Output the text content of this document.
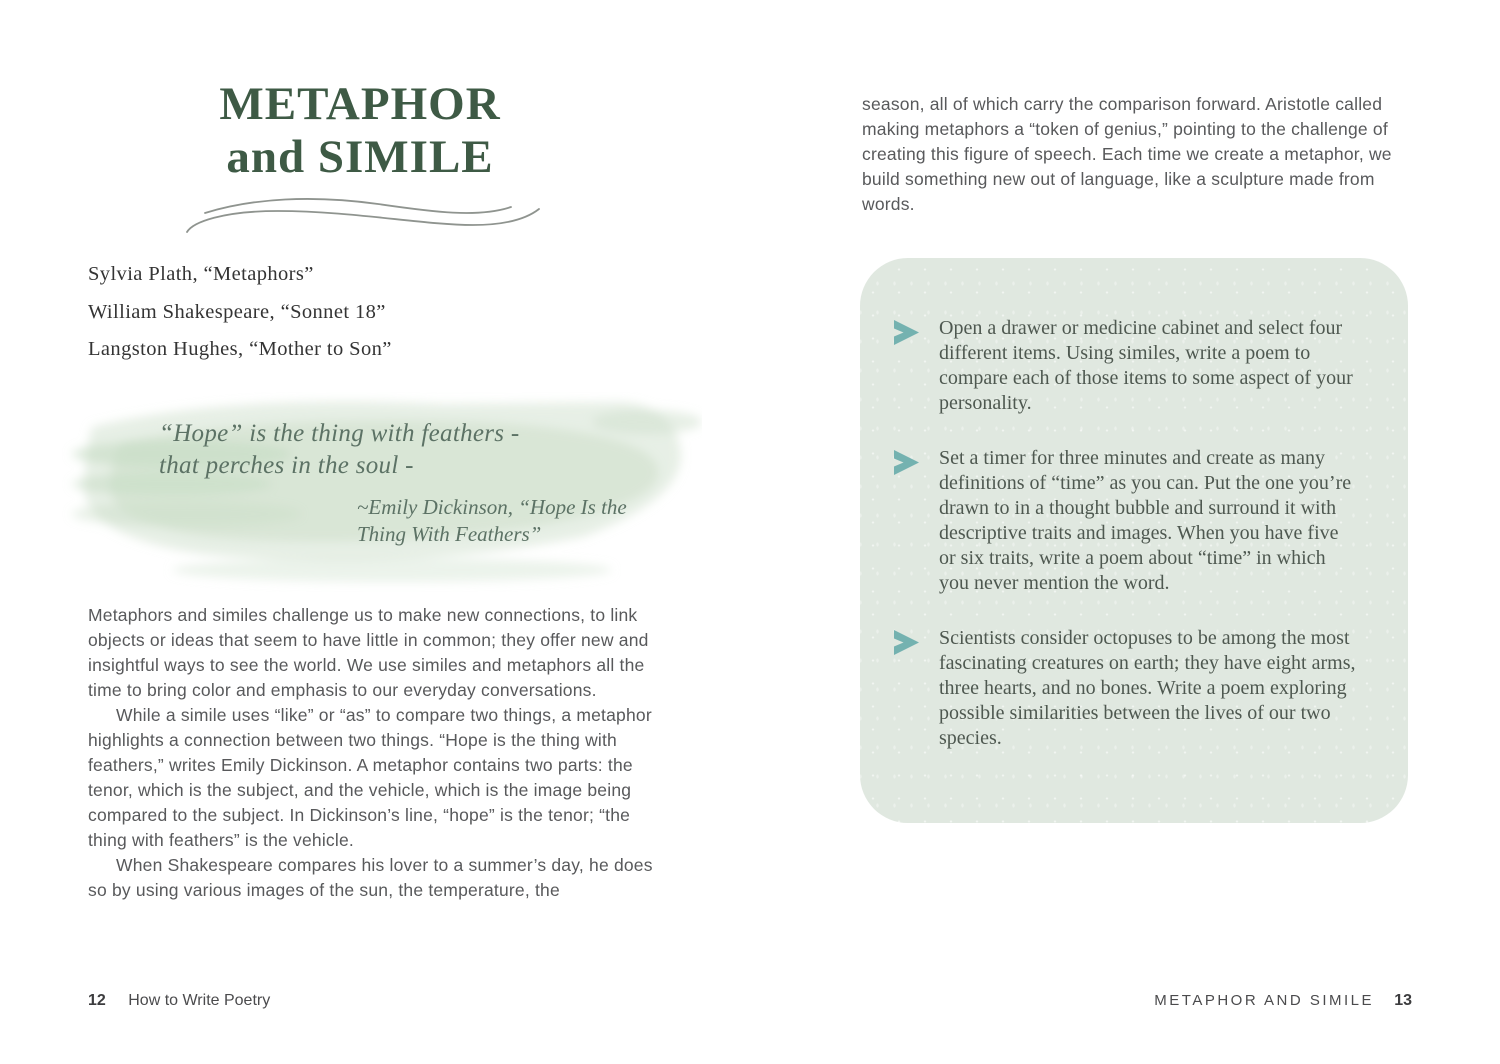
METAPHOR
and SIMILE
Sylvia Plath, “Metaphors”
William Shakespeare, “Sonnet 18”
Langston Hughes, “Mother to Son”
“Hope” is the thing with feathers -
that perches in the soul -
~Emily Dickinson, “Hope Is the Thing With Feathers”

Metaphors and similes challenge us to make new connections, to link objects or ideas that seem to have little in common; they offer new and insightful ways to see the world. We use similes and metaphors all the time to bring color and emphasis to our everyday conversations.

While a simile uses “like” or “as” to compare two things, a metaphor highlights a connection between two things. “Hope is the thing with feathers,” writes Emily Dickinson. A metaphor contains two parts: the tenor, which is the subject, and the vehicle, which is the image being compared to the subject. In Dickinson’s line, “hope” is the tenor; “the thing with feathers” is the vehicle.

When Shakespeare compares his lover to a summer’s day, he does so by using various images of the sun, the temperature, the

12 How to Write Poetry

season, all of which carry the comparison forward. Aristotle called making metaphors a “token of genius,” pointing to the challenge of creating this figure of speech. Each time we create a metaphor, we build something new out of language, like a sculpture made from words.

Open a drawer or medicine cabinet and select four different items. Using similes, write a poem to compare each of those items to some aspect of your personality.
Set a timer for three minutes and create as many definitions of “time” as you can. Put the one you’re drawn to in a thought bubble and surround it with descriptive traits and images. When you have five or six traits, write a poem about “time” in which you never mention the word.
Scientists consider octopuses to be among the most fascinating creatures on earth; they have eight arms, three hearts, and no bones. Write a poem exploring possible similarities between the lives of our two species.
METAPHOR AND SIMILE 13
